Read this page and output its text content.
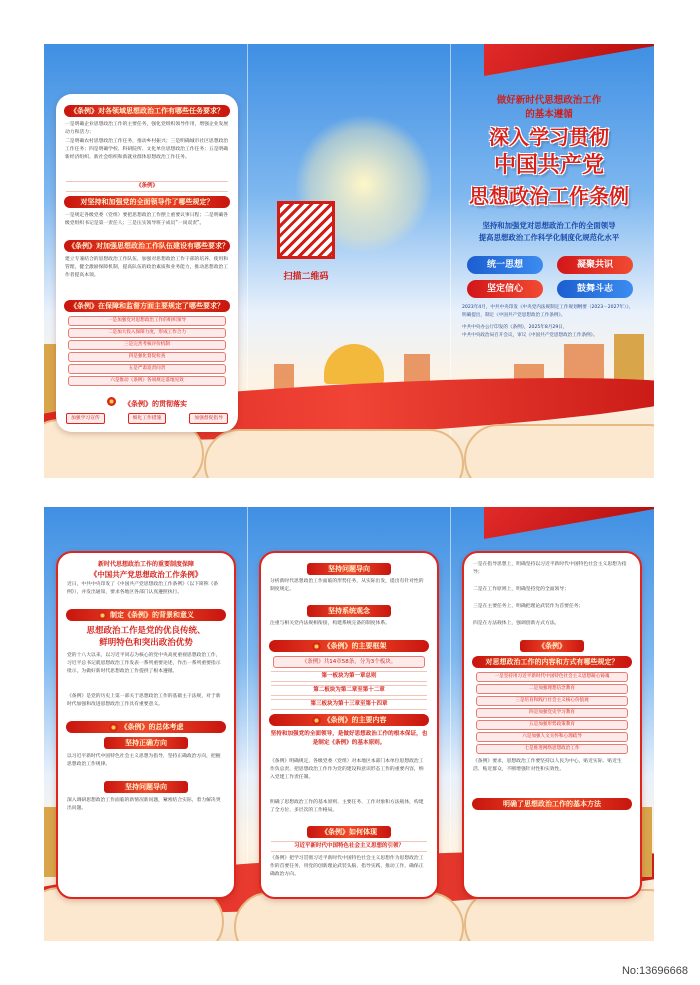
《条例》对各领域思想政治工作有哪些任务要求？
一是明确企业思想政治工作的主要任务，强化党组织领导作用，增强企业发展动力和活力；
二是明确农村思想政治工作任务，推动乡村振兴；三是明确城市社区思想政治工作任务；四是明确学校、科研院所、文化单位思想政治工作任务；五是明确新经济组织、新社会组织和新就业群体思想政治工作任务。
《条例》
对坚持和加强党的全面领导作了哪些规定？
一是规定各级党委（党组）要把思想政治工作摆上重要议事日程；二是明确各级党组织书记是第一责任人；三是压实领导班子成员“一岗双责”。
《条例》对加强思想政治工作队伍建设有哪些要求？
建立专兼结合的思想政治工作队伍，加强对思想政治工作干部的培养、使用和管理，健全激励保障机制，提高队伍的政治素质和业务能力，推动思想政治工作者提高本领。
《条例》在保障和监督方面主要规定了哪些要求？
一是加强党对思想政治工作的组织领导
二是加大投入保障力度，形成工作合力
三是完善考核评价机制
四是强化督促检查
五是严肃追责问责
六是推动《条例》各项规定落地见效
《条例》的贯彻落实
加强学习宣传	细化工作措施	加强督促指导
扫描二维码
做好新时代思想政治工作
的基本遵循
深入学习贯彻
中国共产党
思想政治工作条例
坚持和加强党对思想政治工作的全面领导
提高思想政治工作科学化制度化规范化水平
统一思想	凝聚共识
坚定信心	鼓舞斗志
2023年4月，中共中央印发《中央党内法规制定工作规划纲要（2023－2027年）》，
明确提出，制定《中国共产党思想政治工作条例》。
中共中央办公厅印发的《条例》，2025年8月29日，
中共中央政治局召开会议，审议《中国共产党思想政治工作条例》。
新时代思想政治工作的重要制度保障
《中国共产党思想政治工作条例》
近日，中共中央印发了《中国共产党思想政治工作条例》（以下简称《条例》），并发出通知，要求各地区各部门认真遵照执行。
制定《条例》的背景和意义
思想政治工作是党的优良传统、
鲜明特色和突出政治优势
党的十八大以来，以习近平同志为核心的党中央高度重视思想政治工作，习近平总书记就思想政治工作发表一系列重要论述，作出一系列重要指示批示，为做好新时代思想政治工作提供了根本遵循。
《条例》是党的历史上第一部关于思想政治工作的基础主干法规，对于新时代加强和改进思想政治工作具有重要意义。
《条例》的总体考虑
坚持正确方向
以习近平新时代中国特色社会主义思想为指导，坚持正确政治方向，把握思想政治工作规律。
坚持问题导向
深入调研思想政治工作面临的新情况新问题，紧密结合实际，着力解决突出问题。
坚持问题导向
分析新时代思想政治工作面临的形势任务，从实际出发，提出有针对性的制度规定。
坚持系统观念
注重与相关党内法规相衔接，构建系统完备的制度体系。
《条例》的主要框架
《条例》共14章58条，分为3个板块。
第一板块为第一章总则
第二板块为第二章至第十二章
第三板块为第十三章至第十四章
《条例》的主要内容
坚持和加强党的全面领导，是做好思想政治工作的根本保证，也是制定《条例》的基本原则。
《条例》明确规定，各级党委（党组）对本地区本部门本单位思想政治工作负总责，把思想政治工作作为党的建设和意识形态工作的重要内容，纳入党建工作责任制。
明确了思想政治工作的基本原则、主要任务、工作对象和方法载体，构建了全方位、多层次的工作格局。
《条例》如何体现
习近平新时代中国特色社会主义思想的引领？
《条例》把学习贯彻习近平新时代中国特色社会主义思想作为思想政治工作的首要任务，用党的创新理论武装头脑、指导实践、推动工作，确保正确政治方向。
一是在指导思想上，明确坚持以习近平新时代中国特色社会主义思想为指导；
二是在工作原则上，明确坚持党的全面领导；
三是在主要任务上，明确把理论武装作为首要任务；
四是在方法载体上，强调创新方式方法。
《条例》
对思想政治工作的内容和方式有哪些规定？
一是坚持用习近平新时代中国特色社会主义思想凝心铸魂
二是加强理想信念教育
三是培育和践行社会主义核心价值观
四是加强党史学习教育
五是加强形势政策教育
六是加强人文关怀和心理疏导
七是推进网络思想政治工作
《条例》要求，思想政治工作要坚持以人民为中心，贴近实际、贴近生活、贴近群众，不断增强针对性和实效性。
明确了思想政治工作的基本方法
No:13696668
